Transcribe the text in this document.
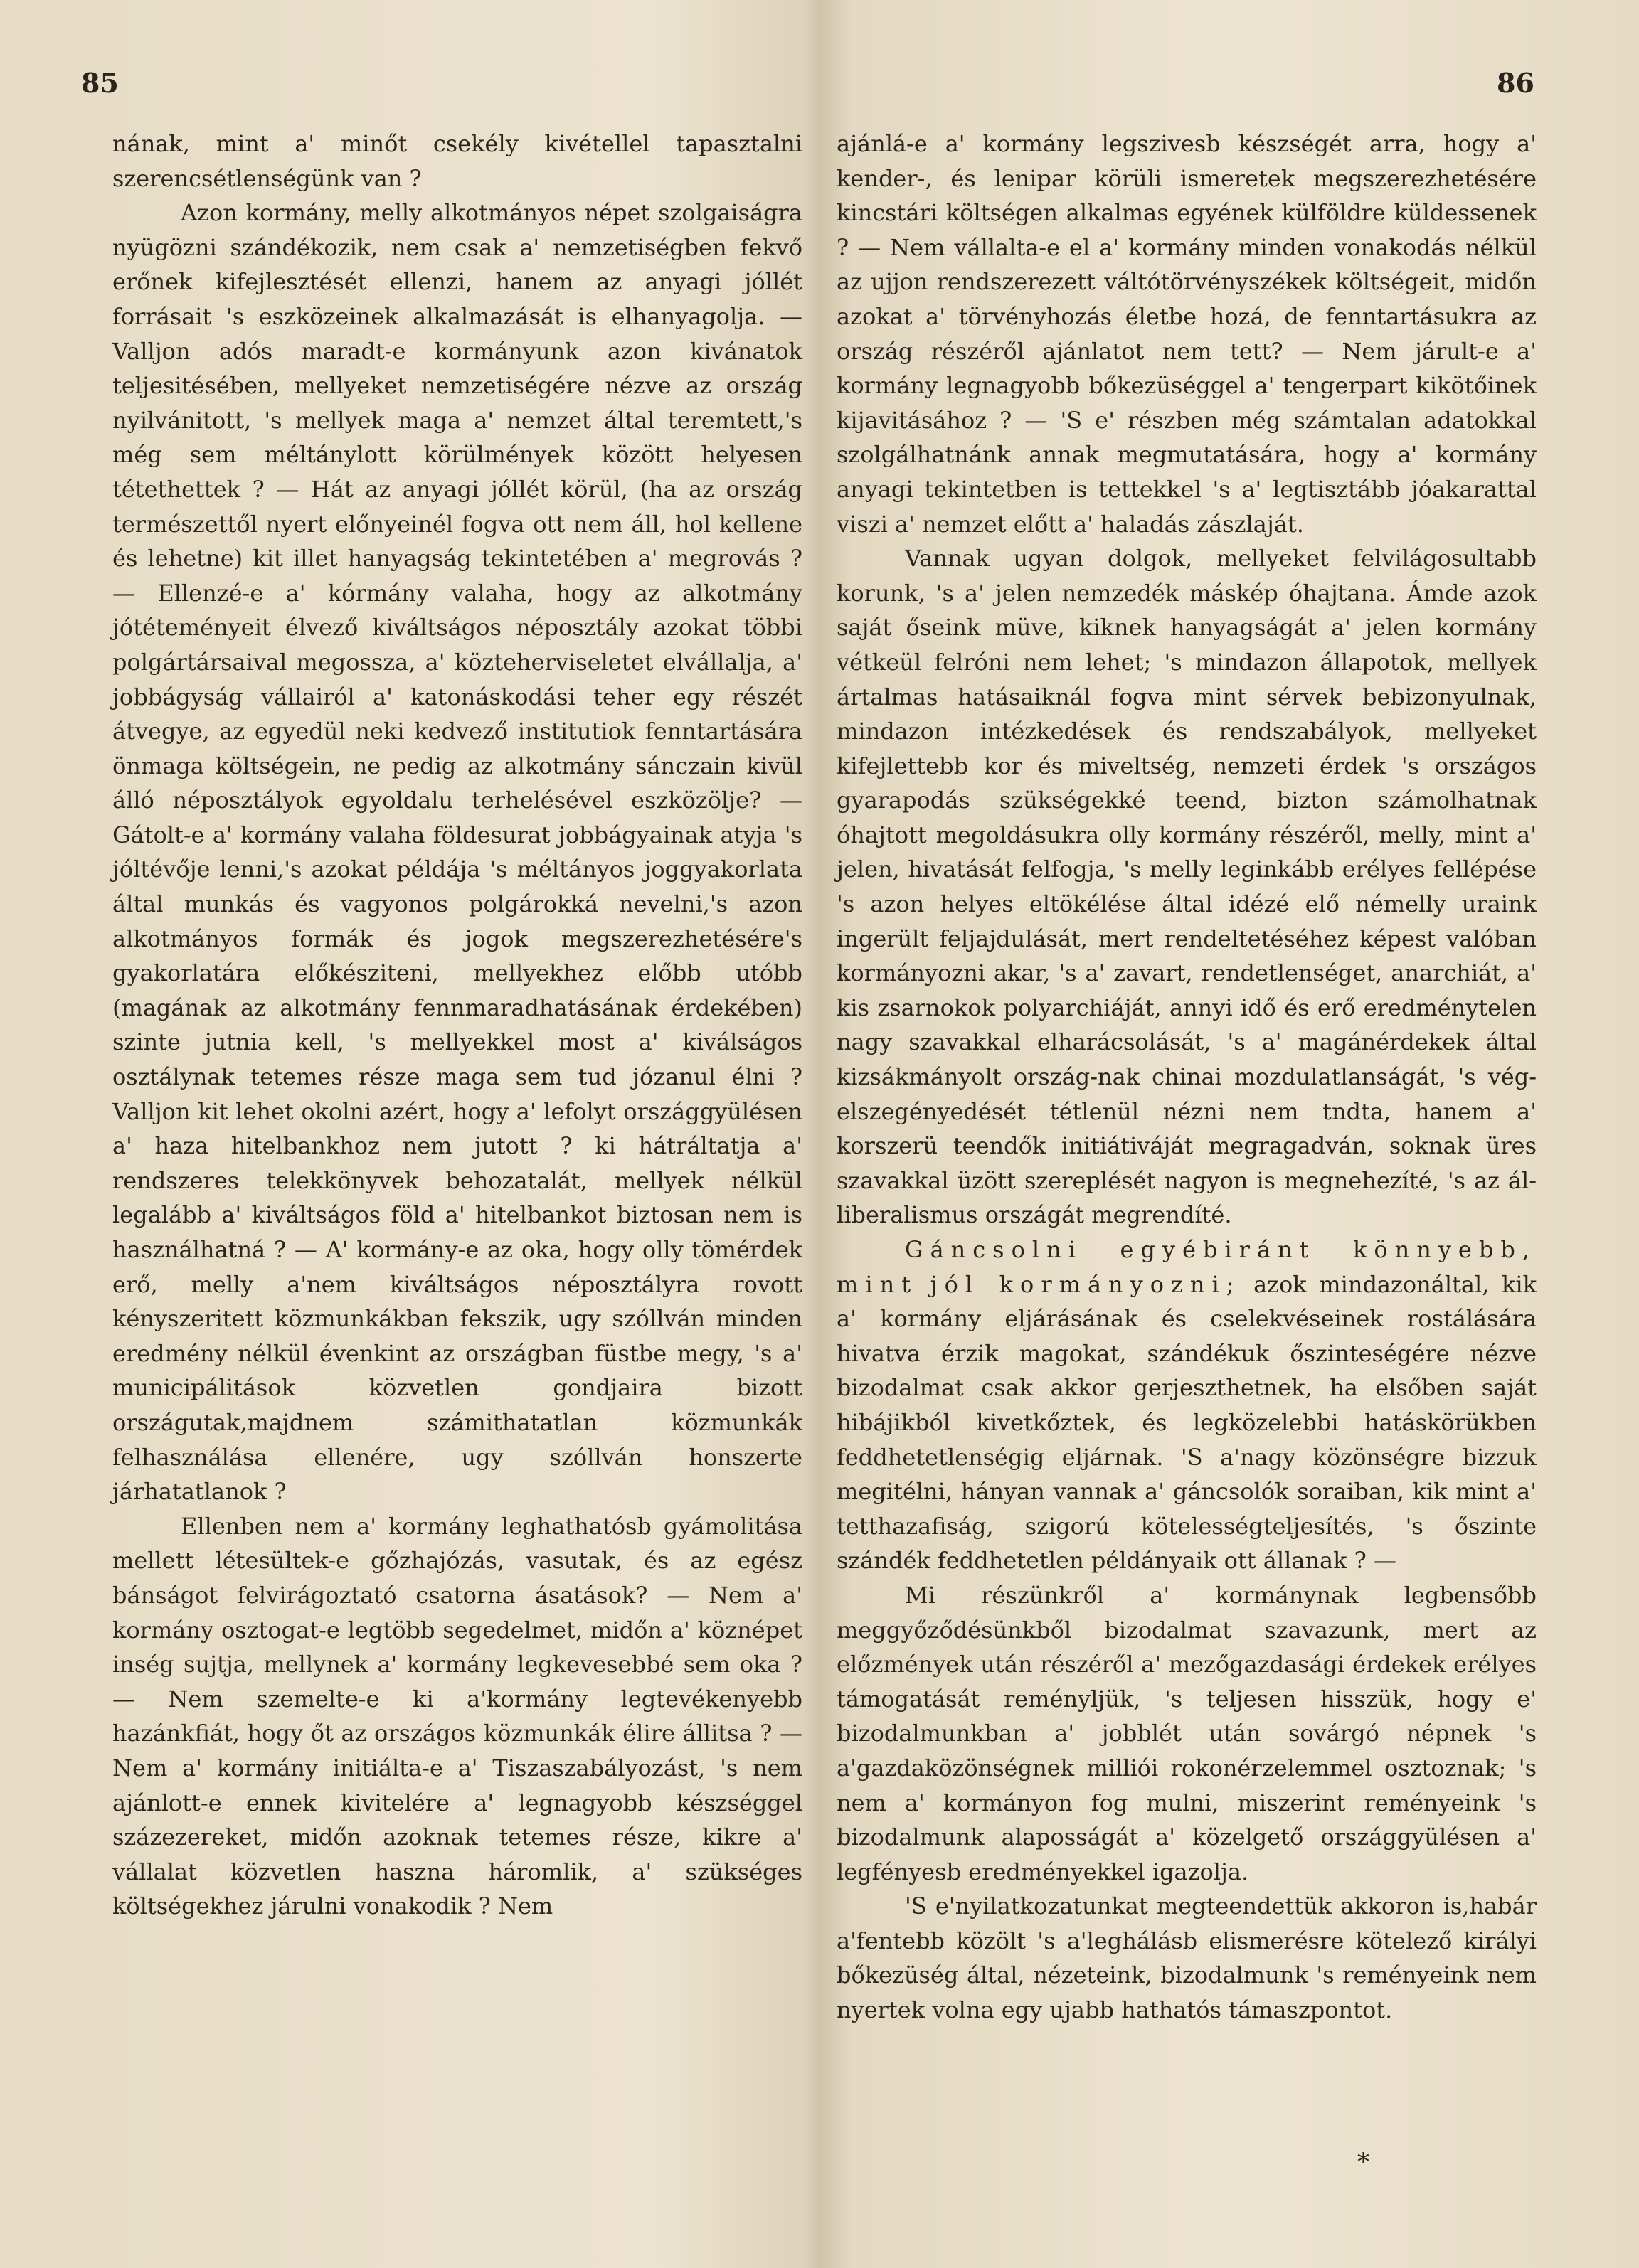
85	86

nának, mint a' minőt csekély kivétellel tapasztalni szerencsétlenségünk van ?

Azon kormány, melly alkotmányos népet szolgaiságra nyügözni szándékozik, nem csak a' nemzetiségben fekvő erőnek kifejlesztését ellenzi, hanem az anyagi jóllét forrásait 's eszközeinek alkalmazását is elhanyagolja. — Valljon adós maradt-e kormányunk azon kivánatok teljesitésében, mellyeket nemzetiségére nézve az ország nyilvánitott, 's mellyek maga a' nemzet által teremtett,'s még sem méltánylott körülmények között helyesen tétethettek ? — Hát az anyagi jóllét körül, (ha az ország természettől nyert előnyeinél fogva ott nem áll, hol kellene és lehetne) kit illet hanyagság tekintetében a' megrovás ? — Ellenzé-e a' kórmány valaha, hogy az alkotmány jótéteményeit élvező kiváltságos néposztály azokat többi polgártársaival megossza, a' közteherviseletet elvállalja, a' jobbágyság vállairól a' katonáskodási teher egy részét átvegye, az egyedül neki kedvező institutiok fenntartására önmaga költségein, ne pedig az alkotmány sánczain kivül álló néposztályok egyoldalu terhelésével eszközölje? — Gátolt-e a' kormány valaha földesurat jobbágyainak atyja 's jóltévője lenni,'s azokat példája 's méltányos joggyakorlata által munkás és vagyonos polgárokká nevelni,'s azon alkotmányos formák és jogok megszerezhetésére's gyakorlatára előkésziteni, mellyekhez előbb utóbb (magának az alkotmány fennmaradhatásának érdekében) szinte jutnia kell, 's mellyekkel most a' kiválságos osztálynak tetemes része maga sem tud józanul élni ? Valljon kit lehet okolni azért, hogy a' lefolyt országgyülésen a' haza hitelbankhoz nem jutott ? ki hátráltatja a' rendszeres telekkönyvek behozatalát, mellyek nélkül legalább a' kiváltságos föld a' hitelbankot biztosan nem is használhatná ? — A' kormány-e az oka, hogy olly tömérdek erő, melly a'nem kiváltságos néposztályra rovott kényszeritett közmunkákban fekszik, ugy szóllván minden eredmény nélkül évenkint az országban füstbe megy, 's a' municipálitások közvetlen gondjaira bizott országutak,majdnem számithatatlan közmunkák felhasználása ellenére, ugy szóllván honszerte járhatatlanok ?

Ellenben nem a' kormány leghathatósb gyámolitása mellett létesültek-e gőzhajózás, vasutak, és az egész bánságot felvirágoztató csatorna ásatások? — Nem a' kormány osztogat-e legtöbb segedelmet, midőn a' köznépet inség sujtja, mellynek a' kormány legkevesebbé sem oka ? — Nem szemelte-e ki a'kormány legtevékenyebb hazánkfiát, hogy őt az országos közmunkák élire állitsa ? — Nem a' kormány initiálta-e a' Tiszaszabályozást, 's nem ajánlott-e ennek kivitelére a' legnagyobb készséggel százezereket, midőn azoknak tetemes része, kikre a' vállalat közvetlen haszna háromlik, a' szükséges költségekhez járulni vonakodik ? Nem

ajánlá-e a' kormány legszivesb készségét arra, hogy a' kender-, és lenipar körüli ismeretek megszerezhetésére kincstári költségen alkalmas egyének külföldre küldessenek ? — Nem vállalta-e el a' kormány minden vonakodás nélkül az ujjon rendszerezett váltótörvényszékek költségeit, midőn azokat a' törvényhozás életbe hozá, de fenntartásukra az ország részéről ajánlatot nem tett? — Nem járult-e a' kormány legnagyobb bőkezüséggel a' tengerpart kikötőinek kijavitásához ? — 'S e' részben még számtalan adatokkal szolgálhatnánk annak megmutatására, hogy a' kormány anyagi tekintetben is tettekkel 's a' legtisztább jóakarattal viszi a' nemzet előtt a' haladás zászlaját.

Vannak ugyan dolgok, mellyeket felvilágosultabb korunk, 's a' jelen nemzedék máskép óhajtana. Ámde azok saját őseink müve, kiknek hanyagságát a' jelen kormány vétkeül felróni nem lehet; 's mindazon állapotok, mellyek ártalmas hatásaiknál fogva mint sérvek bebizonyulnak, mindazon intézkedések és rendszabályok, mellyeket kifejlettebb kor és miveltség, nemzeti érdek 's országos gyarapodás szükségekké teend, bizton számolhatnak óhajtott megoldásukra olly kormány részéről, melly, mint a' jelen, hivatását felfogja, 's melly leginkább erélyes fellépése 's azon helyes eltökélése által idézé elő némelly uraink ingerült feljajdulását, mert rendeltetéséhez képest valóban kormányozni akar, 's a' zavart, rendetlenséget, anarchiát, a' kis zsarnokok polyarchiáját, annyi idő és erő eredménytelen nagy szavakkal elharácsolását, 's a' magánérdekek által kizsákmányolt ország-nak chinai mozdulatlanságát, 's vég-elszegényedését tétlenül nézni nem tndta, hanem a' korszerü teendők initiátiváját megragadván, soknak üres szavakkal üzött szereplését nagyon is megnehezíté, 's az ál-liberalismus országát megrendíté.

Gáncsolni egyébiránt könnyebb, mint jól kormányozni; azok mindazonáltal, kik a' kormány eljárásának és cselekvéseinek rostálására hivatva érzik magokat, szándékuk őszinteségére nézve bizodalmat csak akkor gerjeszthetnek, ha elsőben saját hibájikból kivetkőztek, és legközelebbi hatáskörükben feddhetetlenségig eljárnak. 'S a'nagy közönségre bizzuk megitélni, hányan vannak a' gáncsolók soraiban, kik mint a' tetthazafiság, szigorú kötelességteljesítés, 's őszinte szándék feddhetetlen példányaik ott állanak ? —

Mi részünkről a' kormánynak legbensőbb meggyőződésünkből bizodalmat szavazunk, mert az előzmények után részéről a' mezőgazdasági érdekek erélyes támogatását reményljük, 's teljesen hisszük, hogy e' bizodalmunkban a' jobblét után sovárgó népnek 's a'gazdaközönségnek milliói rokonérzelemmel osztoznak; 's nem a' kormányon fog mulni, miszerint reményeink 's bizodalmunk alaposságát a' közelgető országgyülésen a' legfényesb eredményekkel igazolja.

'S e'nyilatkozatunkat megteendettük akkoron is,habár a'fentebb közölt 's a'leghálásb elismerésre kötelező királyi bőkezüség által, nézeteink, bizodalmunk 's reményeink nem nyertek volna egy ujabb hathatós támaszpontot.

*
